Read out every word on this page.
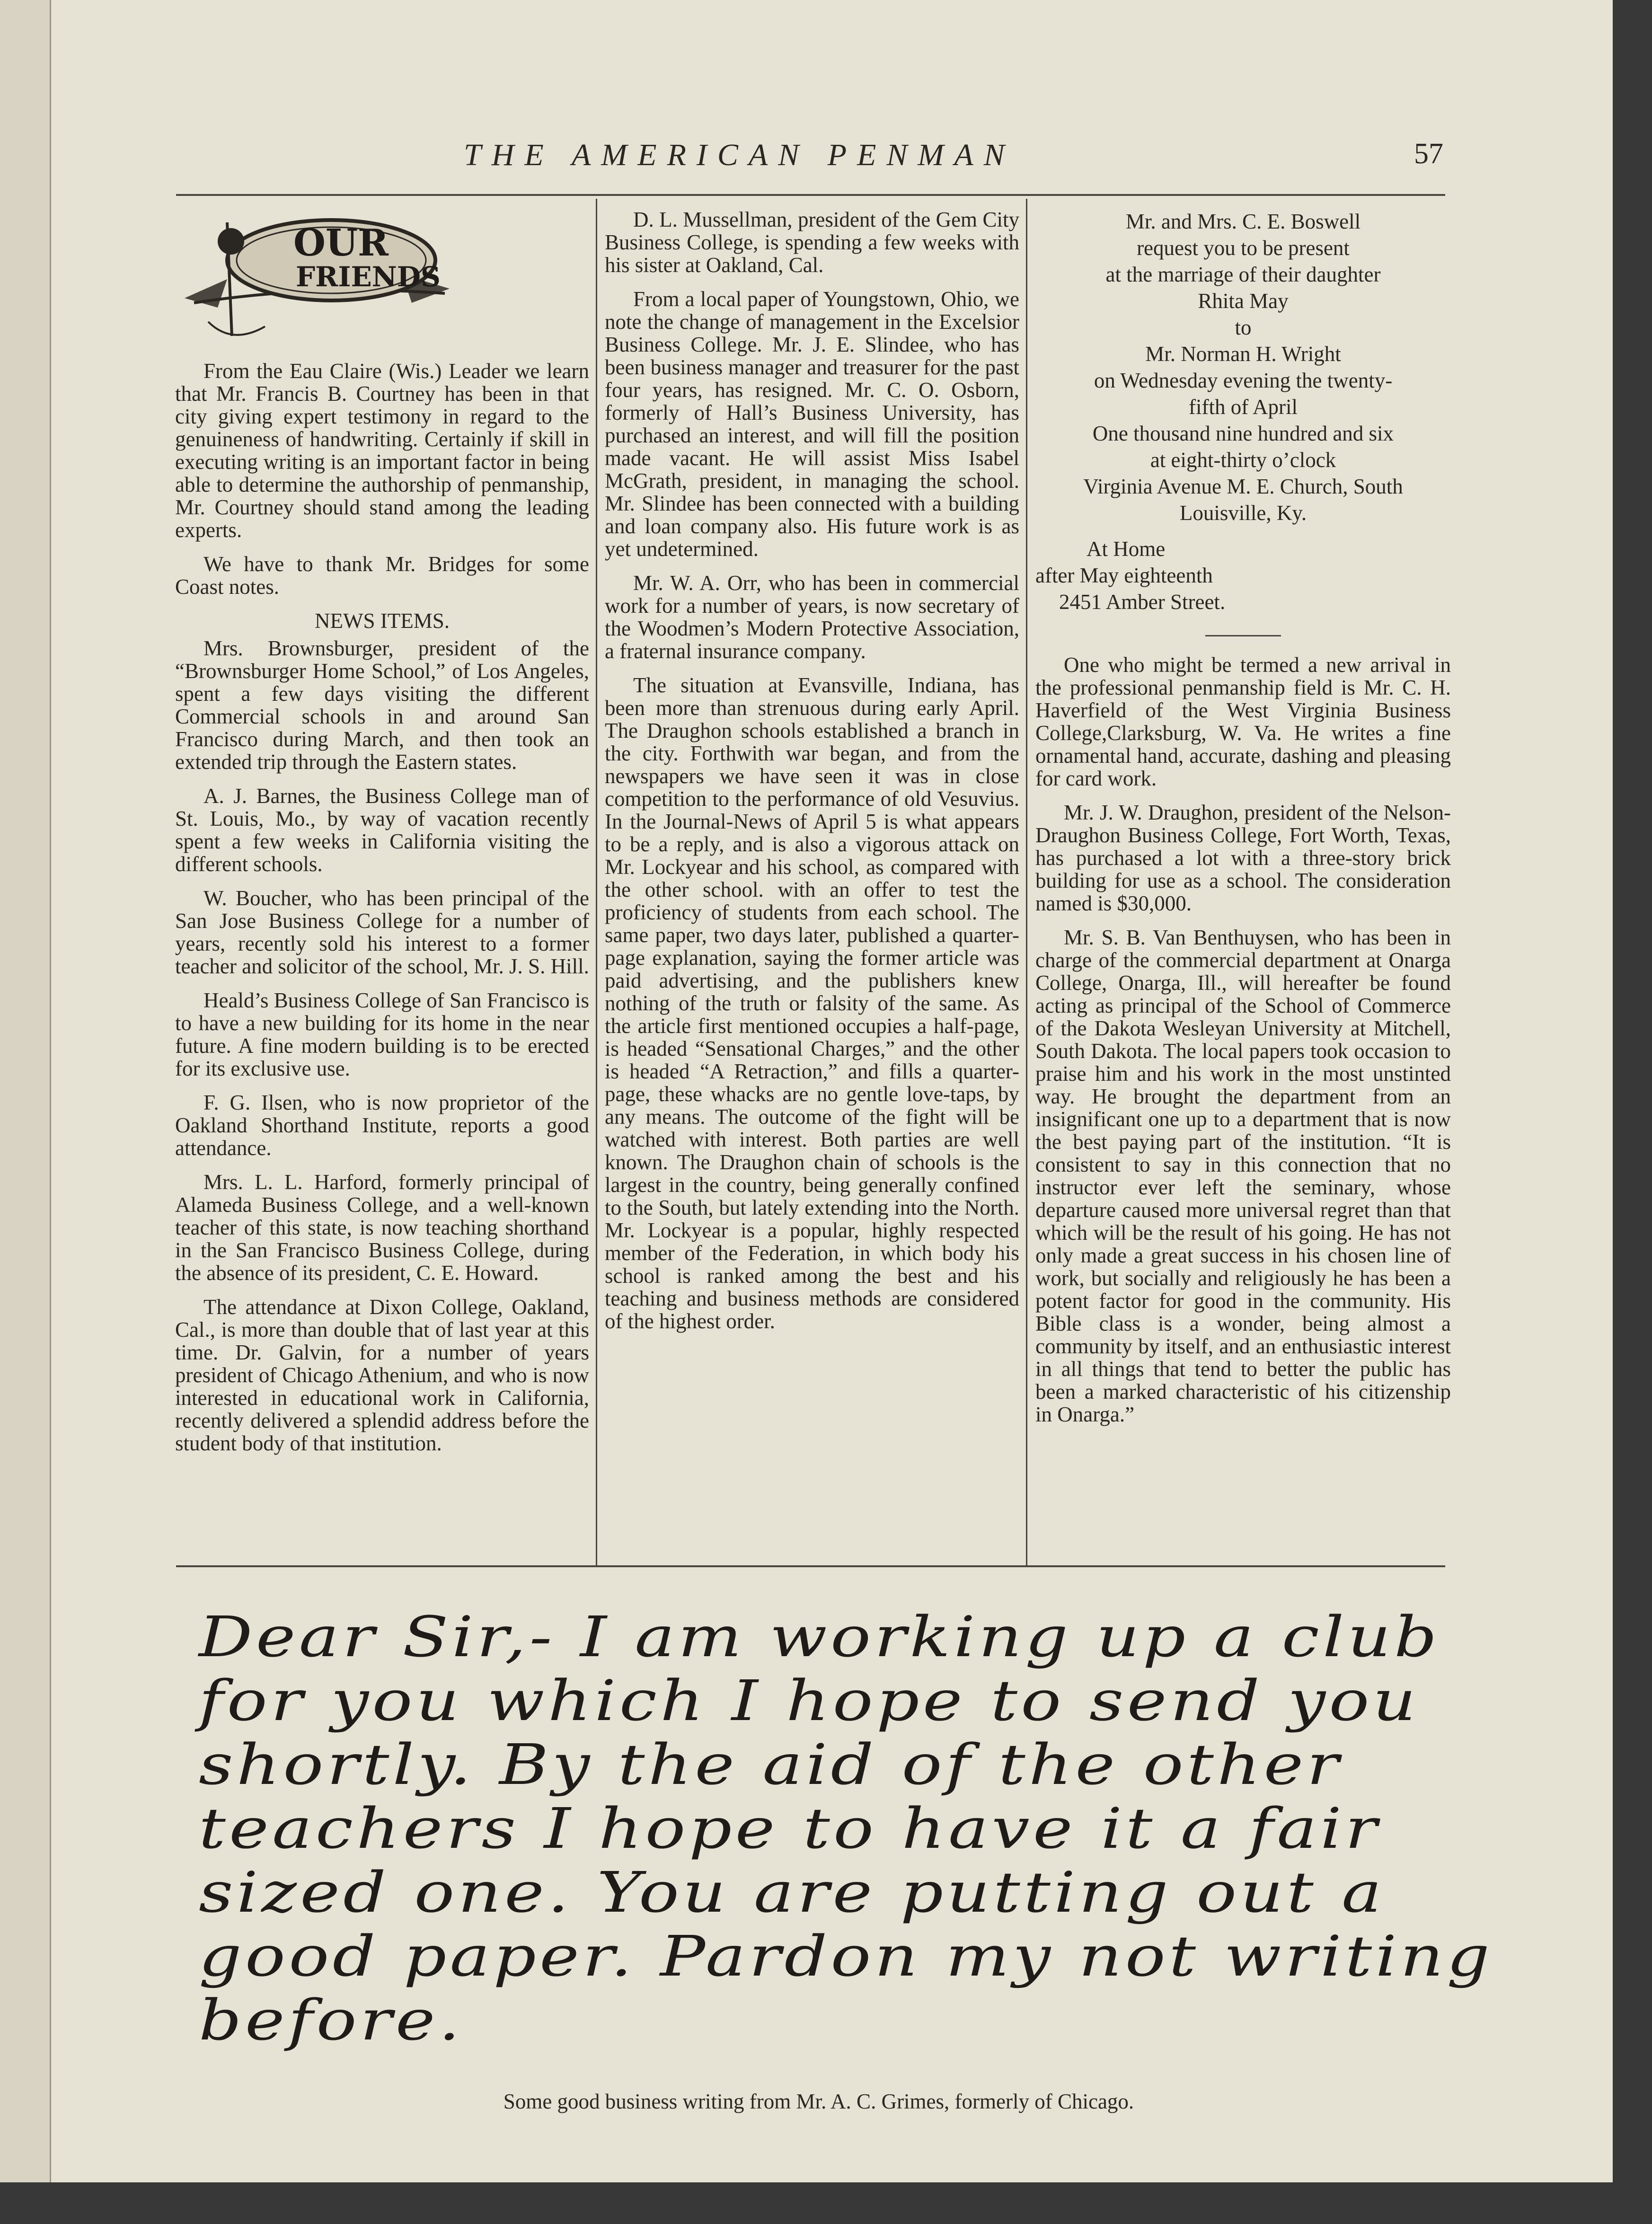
THE AMERICAN PENMAN	57
OUR
FRIENDS

From the Eau Claire (Wis.) Leader we learn that Mr. Francis B. Courtney has been in that city giving expert testimony in regard to the genuineness of handwriting. Certainly if skill in executing writing is an important factor in being able to determine the authorship of penmanship, Mr. Courtney should stand among the leading experts.

We have to thank Mr. Bridges for some Coast notes.

NEWS ITEMS.

Mrs. Brownsburger, president of the “Brownsburger Home School,” of Los Angeles, spent a few days visiting the different Commercial schools in and around San Francisco during March, and then took an extended trip through the Eastern states.

A. J. Barnes, the Business College man of St. Louis, Mo., by way of vacation recently spent a few weeks in California visiting the different schools.

W. Boucher, who has been principal of the San Jose Business College for a number of years, recently sold his interest to a former teacher and solicitor of the school, Mr. J. S. Hill.

Heald’s Business College of San Francisco is to have a new building for its home in the near future. A fine modern building is to be erected for its exclusive use.

F. G. Ilsen, who is now proprietor of the Oakland Shorthand Institute, reports a good attendance.

Mrs. L. L. Harford, formerly principal of Alameda Business College, and a well-known teacher of this state, is now teaching shorthand in the San Francisco Business College, during the absence of its president, C. E. Howard.

The attendance at Dixon College, Oakland, Cal., is more than double that of last year at this time. Dr. Galvin, for a number of years president of Chicago Athenium, and who is now interested in educational work in California, recently delivered a splendid address before the student body of that institution.

D. L. Mussellman, president of the Gem City Business College, is spending a few weeks with his sister at Oakland, Cal.

From a local paper of Youngstown, Ohio, we note the change of management in the Excelsior Business College. Mr. J. E. Slindee, who has been business manager and treasurer for the past four years, has resigned. Mr. C. O. Osborn, formerly of Hall’s Business University, has purchased an interest, and will fill the position made vacant. He will assist Miss Isabel McGrath, president, in managing the school. Mr. Slindee has been connected with a building and loan company also. His future work is as yet undetermined.

Mr. W. A. Orr, who has been in commercial work for a number of years, is now secretary of the Woodmen’s Modern Protective Association, a fraternal insurance company.

The situation at Evansville, Indiana, has been more than strenuous during early April. The Draughon schools established a branch in the city. Forthwith war began, and from the newspapers we have seen it was in close competition to the performance of old Vesuvius. In the Journal-News of April 5 is what appears to be a reply, and is also a vigorous attack on Mr. Lockyear and his school, as compared with the other school. with an offer to test the proficiency of students from each school. The same paper, two days later, published a quarter-page explanation, saying the former article was paid advertising, and the publishers knew nothing of the truth or falsity of the same. As the article first mentioned occupies a half-page, is headed “Sensational Charges,” and the other is headed “A Retraction,” and fills a quarter-page, these whacks are no gentle love-taps, by any means. The outcome of the fight will be watched with interest. Both parties are well known. The Draughon chain of schools is the largest in the country, being generally confined to the South, but lately extending into the North. Mr. Lockyear is a popular, highly respected member of the Federation, in which body his school is ranked among the best and his teaching and business methods are considered of the highest order.

Mr. and Mrs. C. E. Boswell
request you to be present
at the marriage of their daughter
Rhita May
to
Mr. Norman H. Wright
on Wednesday evening the twenty-
fifth of April
One thousand nine hundred and six
at eight-thirty o’clock
Virginia Avenue M. E. Church, South
Louisville, Ky.
At Home
after May eighteenth
2451 Amber Street.

One who might be termed a new arrival in the professional penmanship field is Mr. C. H. Haverfield of the West Virginia Business College,Clarksburg, W. Va. He writes a fine ornamental hand, accurate, dashing and pleasing for card work.

Mr. J. W. Draughon, president of the Nelson-Draughon Business College, Fort Worth, Texas, has purchased a lot with a three-story brick building for use as a school. The consideration named is $30,000.

Mr. S. B. Van Benthuysen, who has been in charge of the commercial department at Onarga College, Onarga, Ill., will hereafter be found acting as principal of the School of Commerce of the Dakota Wesleyan University at Mitchell, South Dakota. The local papers took occasion to praise him and his work in the most unstinted way. He brought the department from an insignificant one up to a department that is now the best paying part of the institution. “It is consistent to say in this connection that no instructor ever left the seminary, whose departure caused more universal regret than that which will be the result of his going. He has not only made a great success in his chosen line of work, but socially and religiously he has been a potent factor for good in the community. His Bible class is a wonder, being almost a community by itself, and an enthusiastic interest in all things that tend to better the public has been a marked characteristic of his citizenship in Onarga.”

Dear Sir,- I am working up a club
for you which I hope to send you
shortly. By the aid of the other
teachers I hope to have it a fair
sized one. You are putting out a
good paper. Pardon my not writing
before.
Some good business writing from Mr. A. C. Grimes, formerly of Chicago.
